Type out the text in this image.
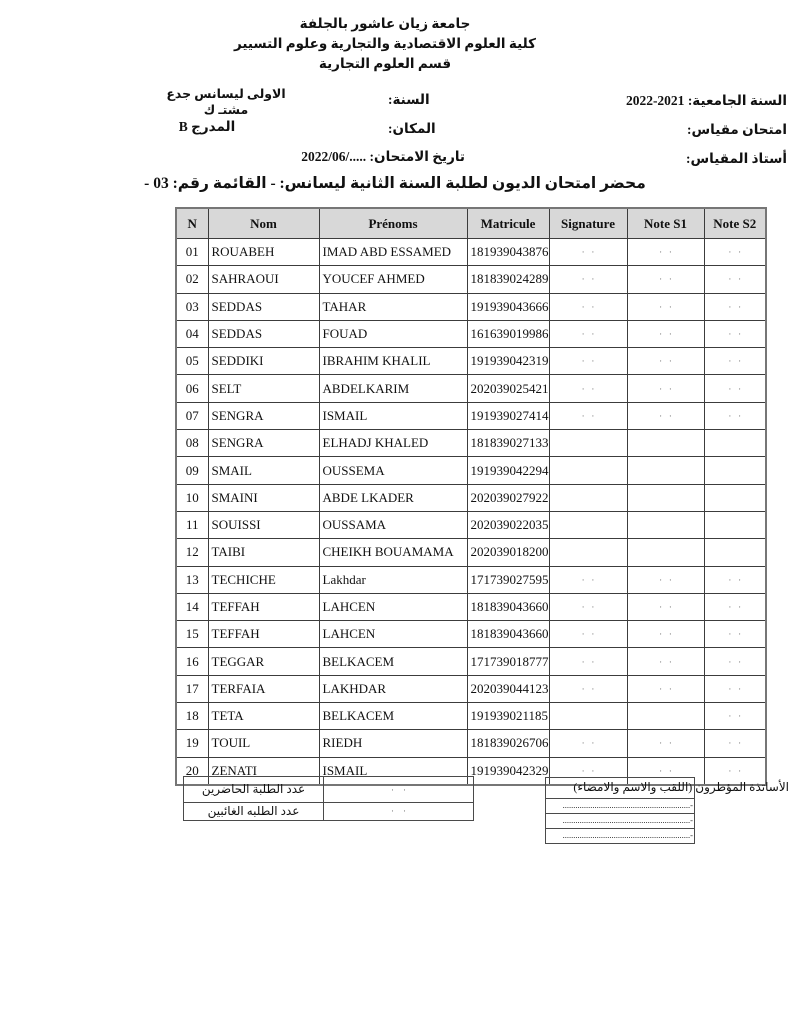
جامعة زيان عاشور بالجلفة
كلية العلوم الاقتصادية والتجارية وعلوم التسيير
قسم العلوم التجارية
السنة الجامعية: 2022-2021
امتحان مقياس:
أستاذ المقياس:
السنة:
الاولى ليسانس جدع
مشتـ ك
المكان:
المدرج B
تاريخ الامتحان: 2022/06/.....
محضر امتحان الديون لطلبة السنة الثانية ليسانس: - القائمة رقم: 03 -
N	Nom	Prénoms	Matricule	Signature	Note S1	Note S2
01	ROUABEH	IMAD ABD ESSAMED	181939043876	·   ·	·   ·	·   ·
02	SAHRAOUI	YOUCEF AHMED	181839024289	·   ·	·   ·	·   ·
03	SEDDAS	TAHAR	191939043666	·   ·	·   ·	·   ·
04	SEDDAS	FOUAD	161639019986	·   ·	·   ·	·   ·
05	SEDDIKI	IBRAHIM KHALIL	191939042319	·   ·	·   ·	·   ·
06	SELT	ABDELKARIM	202039025421	·   ·	·   ·	·   ·
07	SENGRA	ISMAIL	191939027414	·   ·	·   ·	·   ·
08	SENGRA	ELHADJ KHALED	181839027133			
09	SMAIL	OUSSEMA	191939042294			
10	SMAINI	ABDE LKADER	202039027922			
11	SOUISSI	OUSSAMA	202039022035			
12	TAIBI	CHEIKH BOUAMAMA	202039018200			
13	TECHICHE	Lakhdar	171739027595	·   ·	·   ·	·   ·
14	TEFFAH	LAHCEN	181839043660	·   ·	·   ·	·   ·
15	TEFFAH	LAHCEN	181839043660	·   ·	·   ·	·   ·
16	TEGGAR	BELKACEM	171739018777	·   ·	·   ·	·   ·
17	TERFAIA	LAKHDAR	202039044123	·   ·	·   ·	·   ·
18	TETA	BELKACEM	191939021185			·   ·
19	TOUIL	RIEDH	181839026706	·   ·	·   ·	·   ·
20	ZENATI	ISMAIL	191939042329	·   ·	·   ·	·   ·
عدد الطلبة الحاضرين	·    ·
عدد الطلبه الغائبين	·    ·
-............................................................
-............................................................
-............................................................
الأساتذة المؤطرون (اللقب والاسم والامضاء)
